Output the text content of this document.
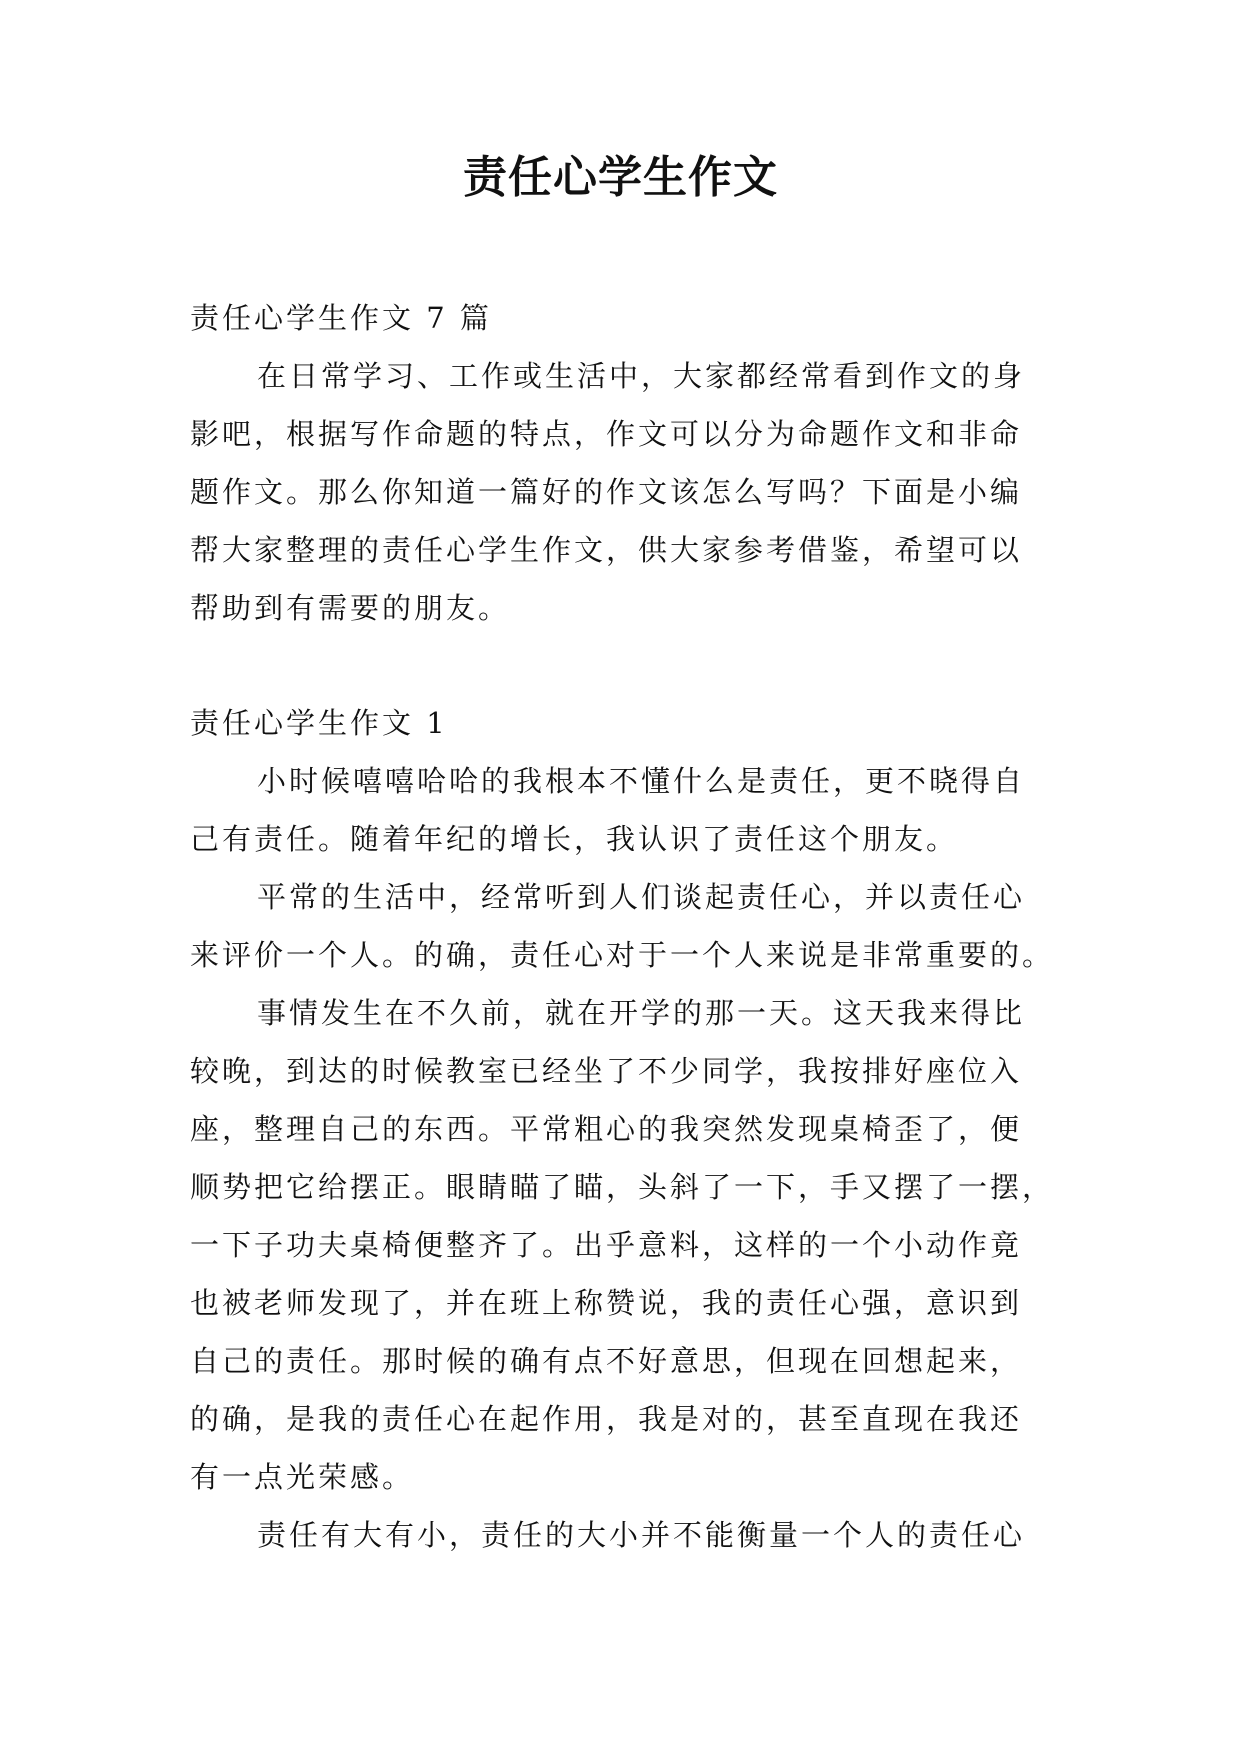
责任心学生作文
责任心学生作文 7 篇
在日常学习、工作或生活中，大家都经常看到作文的身
影吧，根据写作命题的特点，作文可以分为命题作文和非命
题作文。那么你知道一篇好的作文该怎么写吗？下面是小编
帮大家整理的责任心学生作文，供大家参考借鉴，希望可以
帮助到有需要的朋友。
责任心学生作文 1
小时候嘻嘻哈哈的我根本不懂什么是责任，更不晓得自
己有责任。随着年纪的增长，我认识了责任这个朋友。
平常的生活中，经常听到人们谈起责任心，并以责任心
来评价一个人。的确，责任心对于一个人来说是非常重要的。
事情发生在不久前，就在开学的那一天。这天我来得比
较晚，到达的时候教室已经坐了不少同学，我按排好座位入
座，整理自己的东西。平常粗心的我突然发现桌椅歪了，便
顺势把它给摆正。眼睛瞄了瞄，头斜了一下，手又摆了一摆，
一下子功夫桌椅便整齐了。出乎意料，这样的一个小动作竟
也被老师发现了，并在班上称赞说，我的责任心强，意识到
自己的责任。那时候的确有点不好意思，但现在回想起来，
的确，是我的责任心在起作用，我是对的，甚至直现在我还
有一点光荣感。
责任有大有小，责任的大小并不能衡量一个人的责任心
